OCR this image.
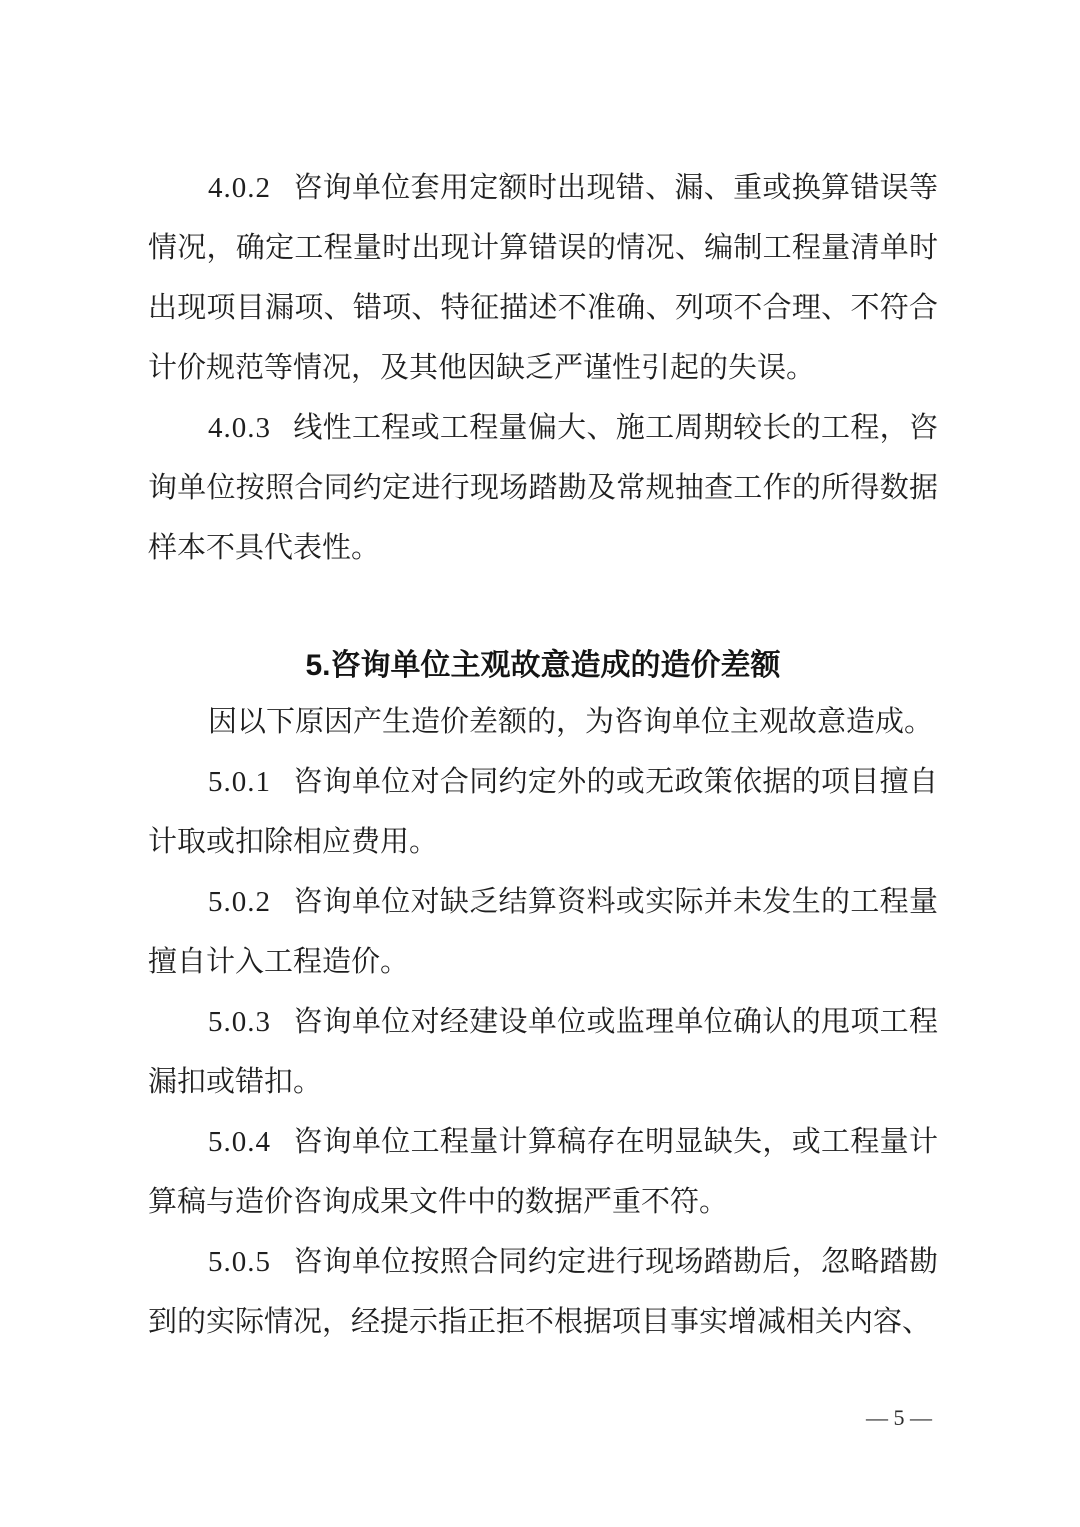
4.0.2 咨询单位套用定额时出现错、漏、重或换算错误等情况，确定工程量时出现计算错误的情况、编制工程量清单时出现项目漏项、错项、特征描述不准确、列项不合理、不符合计价规范等情况，及其他因缺乏严谨性引起的失误。

4.0.3 线性工程或工程量偏大、施工周期较长的工程，咨询单位按照合同约定进行现场踏勘及常规抽查工作的所得数据样本不具代表性。

5.咨询单位主观故意造成的造价差额

因以下原因产生造价差额的，为咨询单位主观故意造成。

5.0.1 咨询单位对合同约定外的或无政策依据的项目擅自计取或扣除相应费用。

5.0.2 咨询单位对缺乏结算资料或实际并未发生的工程量擅自计入工程造价。

5.0.3 咨询单位对经建设单位或监理单位确认的甩项工程漏扣或错扣。

5.0.4 咨询单位工程量计算稿存在明显缺失，或工程量计算稿与造价咨询成果文件中的数据严重不符。

5.0.5 咨询单位按照合同约定进行现场踏勘后，忽略踏勘到的实际情况，经提示指正拒不根据项目事实增减相关内容、

— 5 —
